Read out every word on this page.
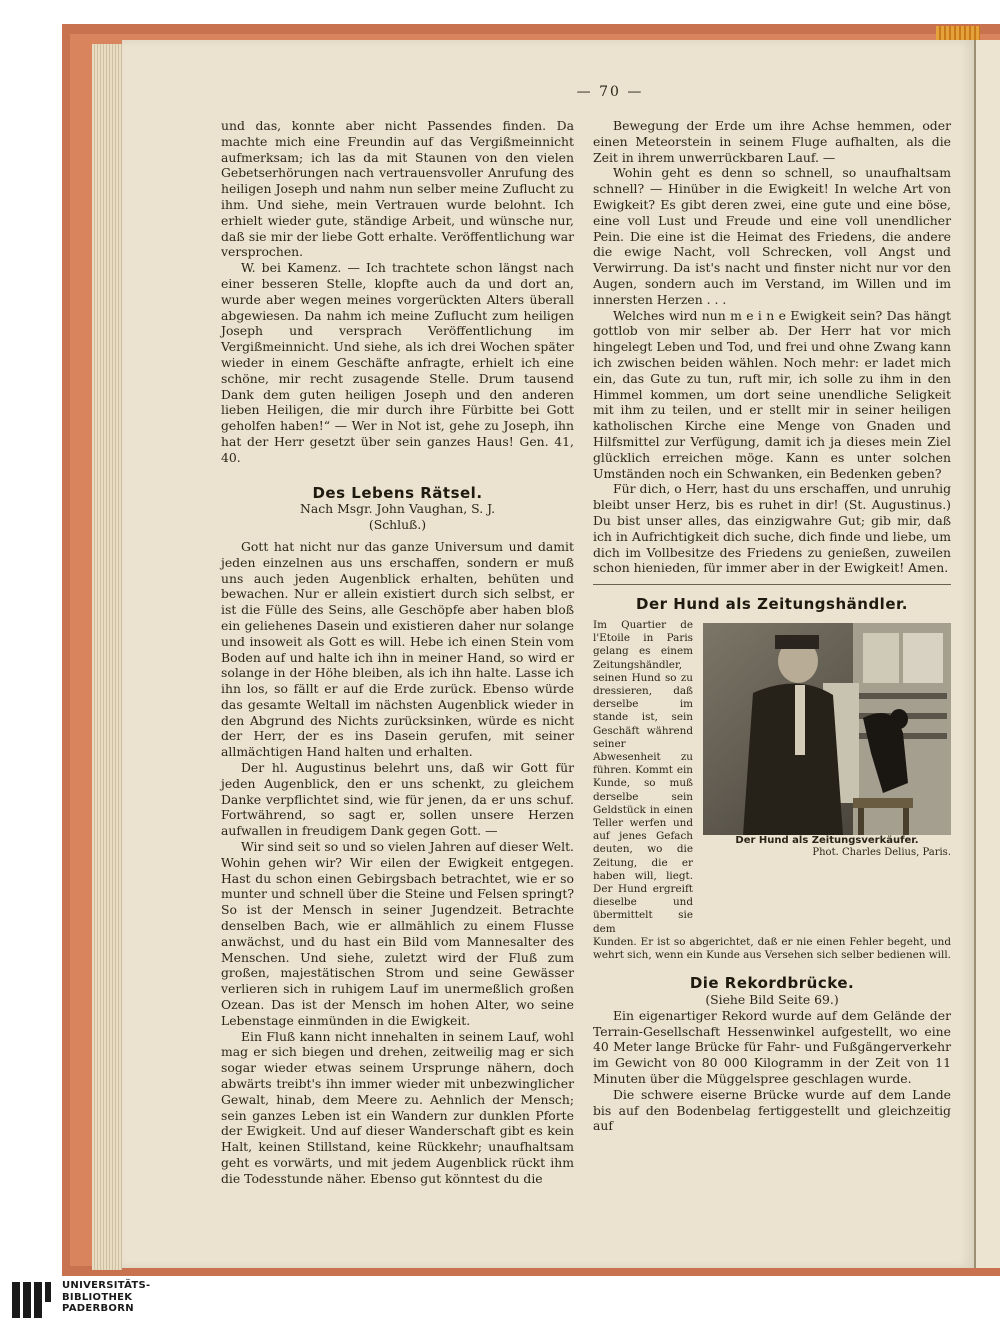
— 70 —

und das, konnte aber nicht Passendes finden. Da machte mich eine Freundin auf das Vergißmeinnicht aufmerksam; ich las da mit Staunen von den vielen Gebetserhörungen nach vertrauensvoller Anrufung des heiligen Joseph und nahm nun selber meine Zuflucht zu ihm. Und siehe, mein Vertrauen wurde belohnt. Ich erhielt wieder gute, ständige Arbeit, und wünsche nur, daß sie mir der liebe Gott erhalte. Veröffentlichung war versprochen.

W. bei Kamenz. — Ich trachtete schon längst nach einer besseren Stelle, klopfte auch da und dort an, wurde aber wegen meines vorgerückten Alters überall abgewiesen. Da nahm ich meine Zuflucht zum heiligen Joseph und versprach Veröffentlichung im Vergißmeinnicht. Und siehe, als ich drei Wochen später wieder in einem Geschäfte anfragte, erhielt ich eine schöne, mir recht zusagende Stelle. Drum tausend Dank dem guten heiligen Joseph und den anderen lieben Heiligen, die mir durch ihre Fürbitte bei Gott geholfen haben!“ — Wer in Not ist, gehe zu Joseph, ihn hat der Herr gesetzt über sein ganzes Haus! Gen. 41, 40.

Des Lebens Rätsel.

Nach Msgr. John Vaughan, S. J.

(Schluß.)

Gott hat nicht nur das ganze Universum und damit jeden einzelnen aus uns erschaffen, sondern er muß uns auch jeden Augenblick erhalten, behüten und bewachen. Nur er allein existiert durch sich selbst, er ist die Fülle des Seins, alle Geschöpfe aber haben bloß ein geliehenes Dasein und existieren daher nur solange und insoweit als Gott es will. Hebe ich einen Stein vom Boden auf und halte ich ihn in meiner Hand, so wird er solange in der Höhe bleiben, als ich ihn halte. Lasse ich ihn los, so fällt er auf die Erde zurück. Ebenso würde das gesamte Weltall im nächsten Augenblick wieder in den Abgrund des Nichts zurücksinken, würde es nicht der Herr, der es ins Dasein gerufen, mit seiner allmächtigen Hand halten und erhalten.

Der hl. Augustinus belehrt uns, daß wir Gott für jeden Augenblick, den er uns schenkt, zu gleichem Danke verpflichtet sind, wie für jenen, da er uns schuf. Fortwährend, so sagt er, sollen unsere Herzen aufwallen in freudigem Dank gegen Gott. —

Wir sind seit so und so vielen Jahren auf dieser Welt. Wohin gehen wir? Wir eilen der Ewigkeit entgegen. Hast du schon einen Gebirgsbach betrachtet, wie er so munter und schnell über die Steine und Felsen springt? So ist der Mensch in seiner Jugendzeit. Betrachte denselben Bach, wie er allmählich zu einem Flusse anwächst, und du hast ein Bild vom Mannesalter des Menschen. Und siehe, zuletzt wird der Fluß zum großen, majestätischen Strom und seine Gewässer verlieren sich in ruhigem Lauf im unermeßlich großen Ozean. Das ist der Mensch im hohen Alter, wo seine Lebenstage einmünden in die Ewigkeit.

Ein Fluß kann nicht innehalten in seinem Lauf, wohl mag er sich biegen und drehen, zeitweilig mag er sich sogar wieder etwas seinem Ursprunge nähern, doch abwärts treibt's ihn immer wieder mit unbezwinglicher Gewalt, hinab, dem Meere zu. Aehnlich der Mensch; sein ganzes Leben ist ein Wandern zur dunklen Pforte der Ewigkeit. Und auf dieser Wanderschaft gibt es kein Halt, keinen Stillstand, keine Rückkehr; unaufhaltsam geht es vorwärts, und mit jedem Augenblick rückt ihm die Todesstunde näher. Ebenso gut könntest du die

Bewegung der Erde um ihre Achse hemmen, oder einen Meteorstein in seinem Fluge aufhalten, als die Zeit in ihrem unwerrückbaren Lauf. —

Wohin geht es denn so schnell, so unaufhaltsam schnell? — Hinüber in die Ewigkeit! In welche Art von Ewigkeit? Es gibt deren zwei, eine gute und eine böse, eine voll Lust und Freude und eine voll unendlicher Pein. Die eine ist die Heimat des Friedens, die andere die ewige Nacht, voll Schrecken, voll Angst und Verwirrung. Da ist's nacht und finster nicht nur vor den Augen, sondern auch im Verstand, im Willen und im innersten Herzen . . .

Welches wird nun m e i n e Ewigkeit sein? Das hängt gottlob von mir selber ab. Der Herr hat vor mich hingelegt Leben und Tod, und frei und ohne Zwang kann ich zwischen beiden wählen. Noch mehr: er ladet mich ein, das Gute zu tun, ruft mir, ich solle zu ihm in den Himmel kommen, um dort seine unendliche Seligkeit mit ihm zu teilen, und er stellt mir in seiner heiligen katholischen Kirche eine Menge von Gnaden und Hilfsmittel zur Verfügung, damit ich ja dieses mein Ziel glücklich erreichen möge. Kann es unter solchen Umständen noch ein Schwanken, ein Bedenken geben?

Für dich, o Herr, hast du uns erschaffen, und unruhig bleibt unser Herz, bis es ruhet in dir! (St. Augustinus.) Du bist unser alles, das einzigwahre Gut; gib mir, daß ich in Aufrichtigkeit dich suche, dich finde und liebe, um dich im Vollbesitze des Friedens zu genießen, zuweilen schon hienieden, für immer aber in der Ewigkeit! Amen.

Der Hund als Zeitungshändler.

Im Quartier de l'Etoile in Paris gelang es einem Zeitungshändler, seinen Hund so zu dressieren, daß derselbe im stande ist, sein Geschäft während seiner Abwesenheit zu führen. Kommt ein Kunde, so muß derselbe sein Geldstück in einen Teller werfen und auf jenes Gefach deuten, wo die Zeitung, die er haben will, liegt. Der Hund ergreift dieselbe und übermittelt sie dem

Der Hund als Zeitungsverkäufer.
Phot. Charles Delius, Paris.

Kunden. Er ist so abgerichtet, daß er nie einen Fehler begeht, und wehrt sich, wenn ein Kunde aus Versehen sich selber bedienen will.

Die Rekordbrücke.

(Siehe Bild Seite 69.)

Ein eigenartiger Rekord wurde auf dem Gelände der Terrain-Gesellschaft Hessenwinkel aufgestellt, wo eine 40 Meter lange Brücke für Fahr- und Fußgängerverkehr im Gewicht von 80 000 Kilogramm in der Zeit von 11 Minuten über die Müggelspree geschlagen wurde.

Die schwere eiserne Brücke wurde auf dem Lande bis auf den Bodenbelag fertiggestellt und gleichzeitig auf

UNIVERSITÄTS-
BIBLIOTHEK
PADERBORN
